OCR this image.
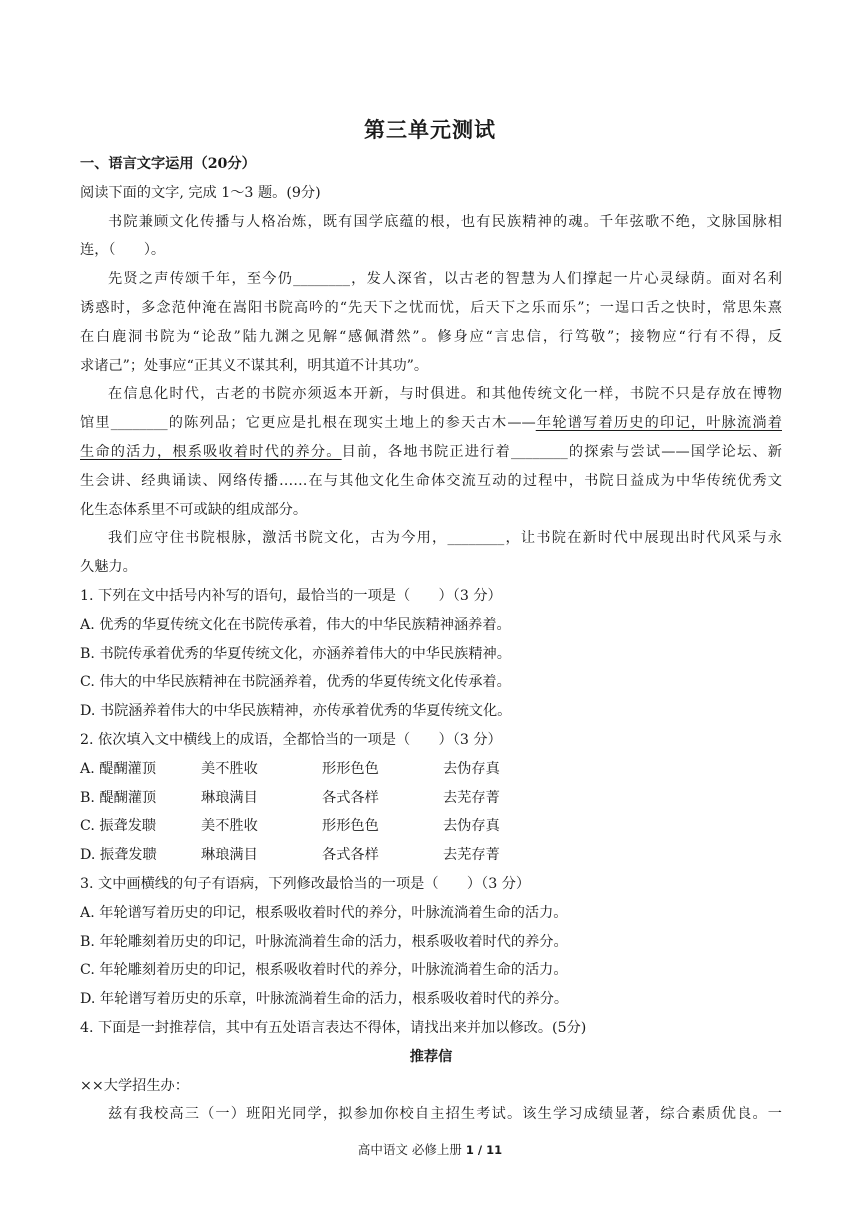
第三单元测试
一、语言文字运用（20分）
阅读下面的文字, 完成 1～3 题。(9分)
书院兼顾文化传播与人格冶炼，既有国学底蕴的根，也有民族精神的魂。千年弦歌不绝，文脉国脉相
连，（　　）。
先贤之声传颂千年，至今仍________，发人深省，以古老的智慧为人们撑起一片心灵绿荫。面对名利
诱惑时，多念范仲淹在嵩阳书院高吟的“先天下之忧而忧，后天下之乐而乐”；一逞口舌之快时，常思朱熹
在白鹿洞书院为“论敌”陆九渊之见解“感佩潸然”。修身应“言忠信，行笃敬”；接物应“行有不得，反
求诸己”；处事应“正其义不谋其利，明其道不计其功”。
在信息化时代，古老的书院亦须返本开新，与时俱进。和其他传统文化一样，书院不只是存放在博物
馆里________的陈列品；它更应是扎根在现实土地上的参天古木——年轮谱写着历史的印记，叶脉流淌着
生命的活力，根系吸收着时代的养分。目前，各地书院正进行着________的探索与尝试——国学论坛、新
生会讲、经典诵读、网络传播……在与其他文化生命体交流互动的过程中，书院日益成为中华传统优秀文
化生态体系里不可或缺的组成部分。
我们应守住书院根脉，激活书院文化，古为今用，________，让书院在新时代中展现出时代风采与永
久魅力。
1. 下列在文中括号内补写的语句，最恰当的一项是（　　）（3 分）
A. 优秀的华夏传统文化在书院传承着，伟大的中华民族精神涵养着。
B. 书院传承着优秀的华夏传统文化，亦涵养着伟大的中华民族精神。
C. 伟大的中华民族精神在书院涵养着，优秀的华夏传统文化传承着。
D. 书院涵养着伟大的中华民族精神，亦传承着优秀的华夏传统文化。
2. 依次填入文中横线上的成语，全都恰当的一项是（　　）（3 分）
A. 醍醐灌顶	美不胜收	形形色色	去伪存真
B. 醍醐灌顶	琳琅满目	各式各样	去芜存菁
C. 振聋发聩	美不胜收	形形色色	去伪存真
D. 振聋发聩	琳琅满目	各式各样	去芜存菁
3. 文中画横线的句子有语病，下列修改最恰当的一项是（　　）（3 分）
A. 年轮谱写着历史的印记，根系吸收着时代的养分，叶脉流淌着生命的活力。
B. 年轮雕刻着历史的印记，叶脉流淌着生命的活力，根系吸收着时代的养分。
C. 年轮雕刻着历史的印记，根系吸收着时代的养分，叶脉流淌着生命的活力。
D. 年轮谱写着历史的乐章，叶脉流淌着生命的活力，根系吸收着时代的养分。
4. 下面是一封推荐信，其中有五处语言表达不得体，请找出来并加以修改。(5分)
推荐信
××大学招生办：
兹有我校高三（一）班阳光同学，拟参加你校自主招生考试。该生学习成绩显著，综合素质优良。一
高中语文 必修上册 1 / 11
